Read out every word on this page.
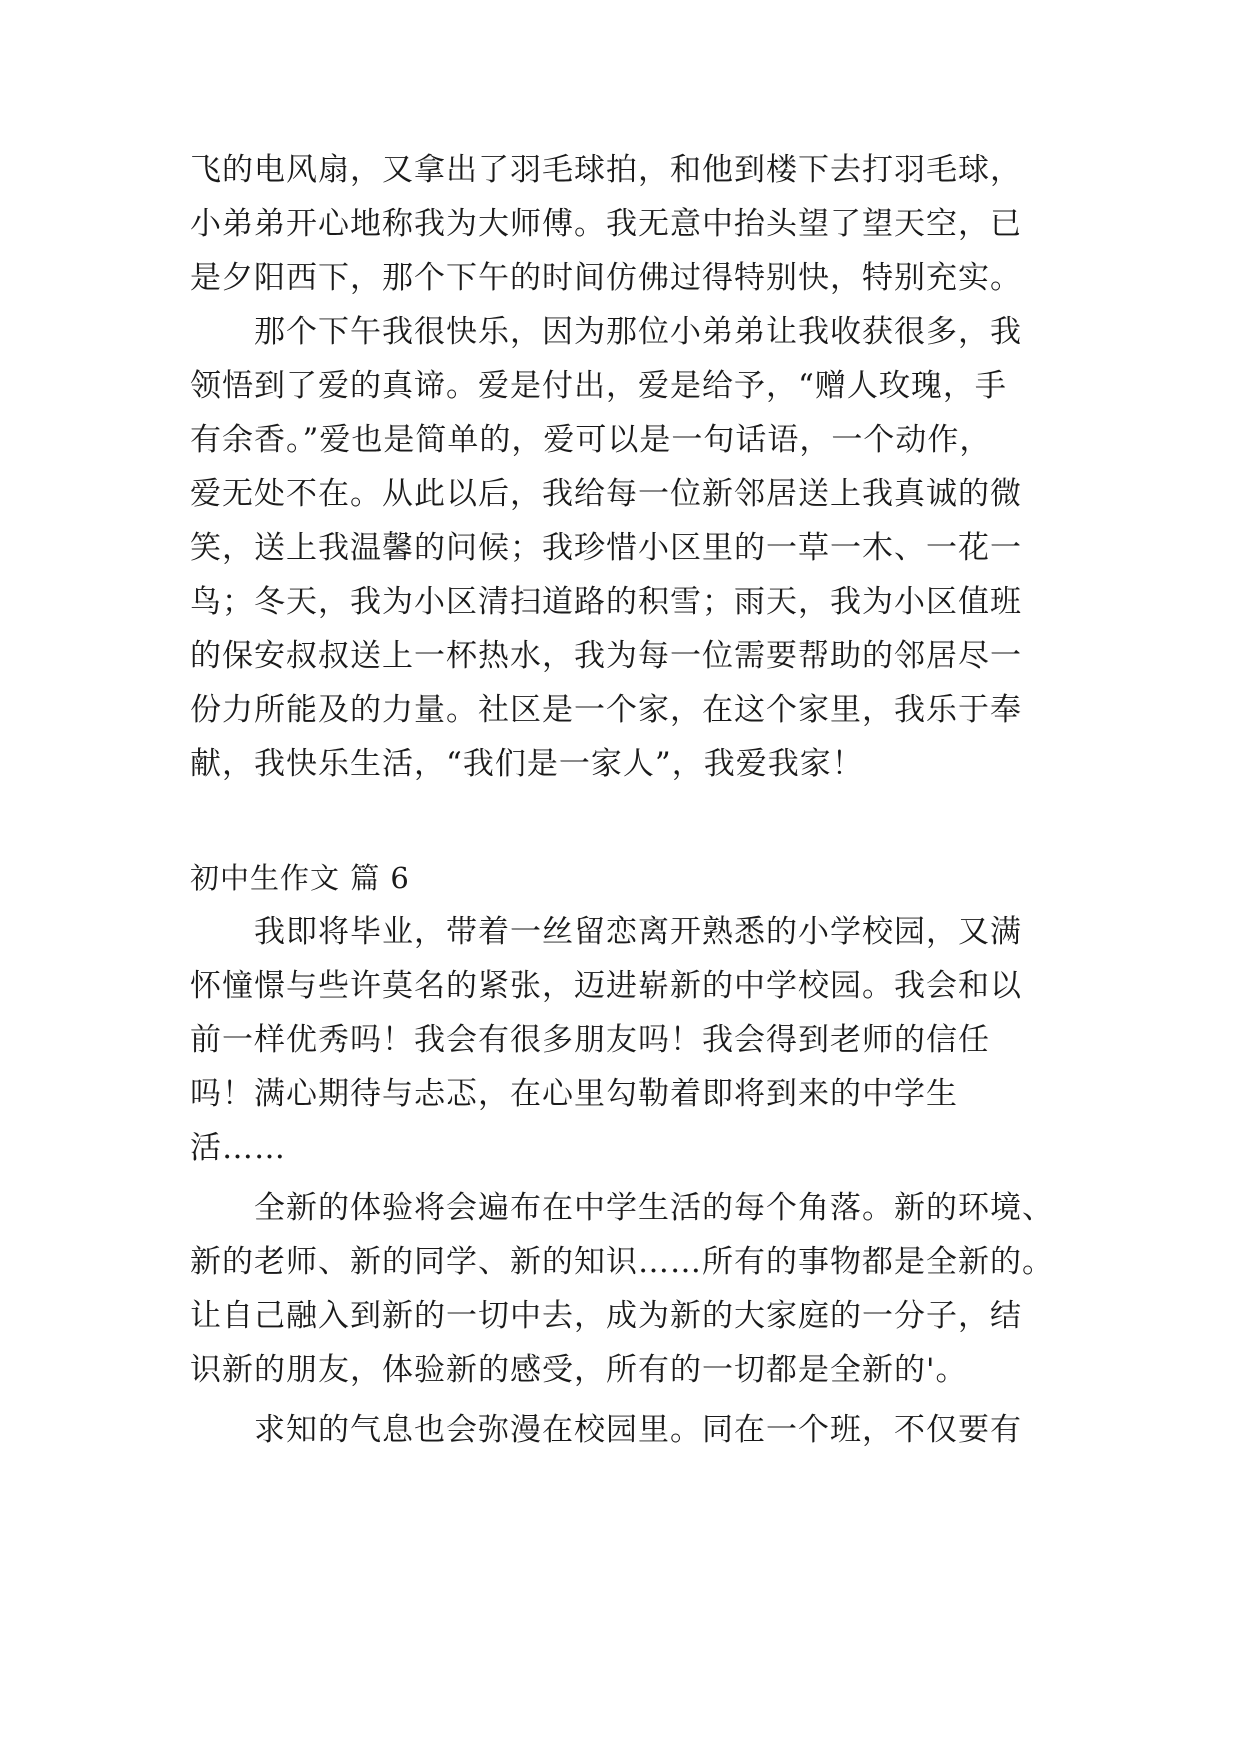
飞的电风扇，又拿出了羽毛球拍，和他到楼下去打羽毛球，
小弟弟开心地称我为大师傅。我无意中抬头望了望天空，已
是夕阳西下，那个下午的时间仿佛过得特别快，特别充实。
那个下午我很快乐，因为那位小弟弟让我收获很多，我
领悟到了爱的真谛。爱是付出，爱是给予，“赠人玫瑰，手
有余香。”爱也是简单的，爱可以是一句话语，一个动作，
爱无处不在。从此以后，我给每一位新邻居送上我真诚的微
笑，送上我温馨的问候；我珍惜小区里的一草一木、一花一
鸟；冬天，我为小区清扫道路的积雪；雨天，我为小区值班
的保安叔叔送上一杯热水，我为每一位需要帮助的邻居尽一
份力所能及的力量。社区是一个家，在这个家里，我乐于奉
献，我快乐生活，“我们是一家人”，我爱我家！
初中生作文 篇 6
我即将毕业，带着一丝留恋离开熟悉的小学校园，又满
怀憧憬与些许莫名的紧张，迈进崭新的中学校园。我会和以
前一样优秀吗！我会有很多朋友吗！我会得到老师的信任
吗！满心期待与忐忑，在心里勾勒着即将到来的中学生
活……
全新的体验将会遍布在中学生活的每个角落。新的环境、
新的老师、新的同学、新的知识……所有的事物都是全新的。
让自己融入到新的一切中去，成为新的大家庭的一分子，结
识新的朋友，体验新的感受，所有的一切都是全新的'。
求知的气息也会弥漫在校园里。同在一个班，不仅要有
